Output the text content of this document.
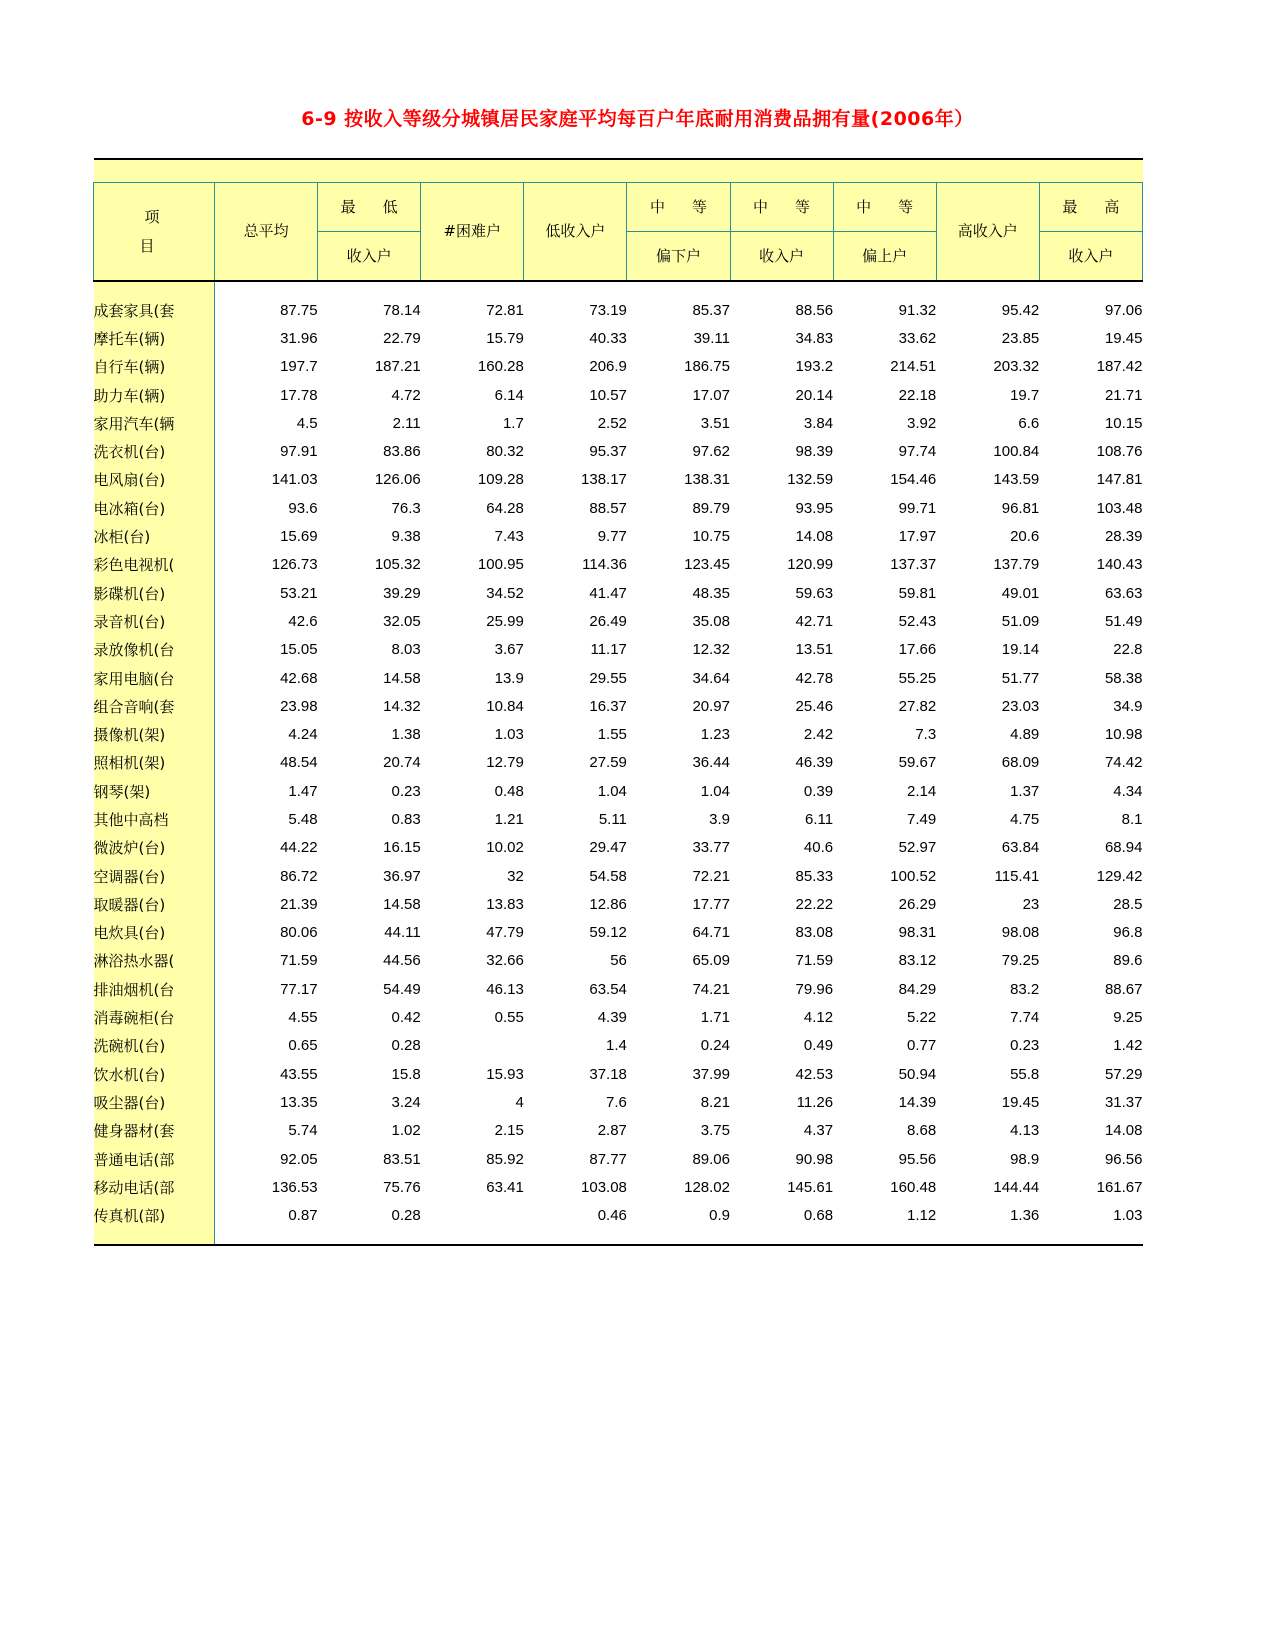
6-9 按收入等级分城镇居民家庭平均每百户年底耐用消费品拥有量(2006年）

项　　目	总平均	最　低	#困难户	低收入户	中　等	中　等	中　等	高收入户	最　高

		收入户			偏下户	收入户	偏上户		收入户

成套家具(套	87.75	78.14	72.81	73.19	85.37	88.56	91.32	95.42	97.06
摩托车(辆)	31.96	22.79	15.79	40.33	39.11	34.83	33.62	23.85	19.45
自行车(辆)	197.7	187.21	160.28	206.9	186.75	193.2	214.51	203.32	187.42
助力车(辆)	17.78	4.72	6.14	10.57	17.07	20.14	22.18	19.7	21.71
家用汽车(辆	4.5	2.11	1.7	2.52	3.51	3.84	3.92	6.6	10.15
洗衣机(台)	97.91	83.86	80.32	95.37	97.62	98.39	97.74	100.84	108.76
电风扇(台)	141.03	126.06	109.28	138.17	138.31	132.59	154.46	143.59	147.81
电冰箱(台)	93.6	76.3	64.28	88.57	89.79	93.95	99.71	96.81	103.48
冰柜(台)	15.69	9.38	7.43	9.77	10.75	14.08	17.97	20.6	28.39
彩色电视机(	126.73	105.32	100.95	114.36	123.45	120.99	137.37	137.79	140.43
影碟机(台)	53.21	39.29	34.52	41.47	48.35	59.63	59.81	49.01	63.63
录音机(台)	42.6	32.05	25.99	26.49	35.08	42.71	52.43	51.09	51.49
录放像机(台	15.05	8.03	3.67	11.17	12.32	13.51	17.66	19.14	22.8
家用电脑(台	42.68	14.58	13.9	29.55	34.64	42.78	55.25	51.77	58.38
组合音响(套	23.98	14.32	10.84	16.37	20.97	25.46	27.82	23.03	34.9
摄像机(架)	4.24	1.38	1.03	1.55	1.23	2.42	7.3	4.89	10.98
照相机(架)	48.54	20.74	12.79	27.59	36.44	46.39	59.67	68.09	74.42
钢琴(架)	1.47	0.23	0.48	1.04	1.04	0.39	2.14	1.37	4.34
其他中高档	5.48	0.83	1.21	5.11	3.9	6.11	7.49	4.75	8.1
微波炉(台)	44.22	16.15	10.02	29.47	33.77	40.6	52.97	63.84	68.94
空调器(台)	86.72	36.97	32	54.58	72.21	85.33	100.52	115.41	129.42
取暖器(台)	21.39	14.58	13.83	12.86	17.77	22.22	26.29	23	28.5
电炊具(台)	80.06	44.11	47.79	59.12	64.71	83.08	98.31	98.08	96.8
淋浴热水器(	71.59	44.56	32.66	56	65.09	71.59	83.12	79.25	89.6
排油烟机(台	77.17	54.49	46.13	63.54	74.21	79.96	84.29	83.2	88.67
消毒碗柜(台	4.55	0.42	0.55	4.39	1.71	4.12	5.22	7.74	9.25
洗碗机(台)	0.65	0.28		1.4	0.24	0.49	0.77	0.23	1.42
饮水机(台)	43.55	15.8	15.93	37.18	37.99	42.53	50.94	55.8	57.29
吸尘器(台)	13.35	3.24	4	7.6	8.21	11.26	14.39	19.45	31.37
健身器材(套	5.74	1.02	2.15	2.87	3.75	4.37	8.68	4.13	14.08
普通电话(部	92.05	83.51	85.92	87.77	89.06	90.98	95.56	98.9	96.56
移动电话(部	136.53	75.76	63.41	103.08	128.02	145.61	160.48	144.44	161.67
传真机(部)	0.87	0.28		0.46	0.9	0.68	1.12	1.36	1.03
